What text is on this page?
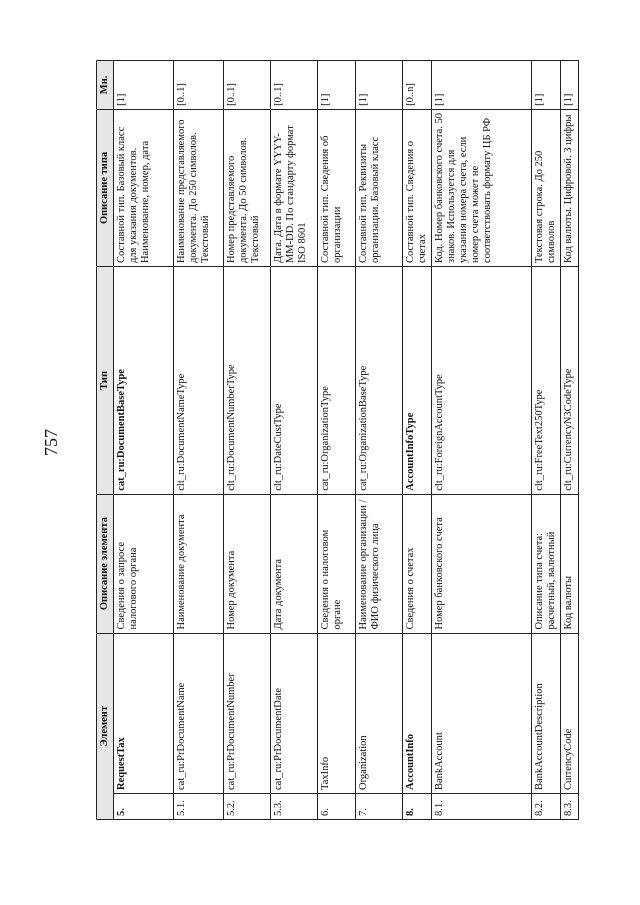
757
Элемент		Описание элемента	Тип	Описание типа	Мн.
5.	RequestTax	Сведения о запросе налогового органа	cat_ru:DocumentBaseType	Составной тип. Базовый класс для указания документов. Наименование, номер, дата	[1]
5.1.	cat_ru:PrDocumentName	Наименование документа	clt_ru:DocumentNameType	Наименование представляемого документа. До 250 символов. Текстовый	[0..1]
5.2.	cat_ru:PrDocumentNumber	Номер документа	clt_ru:DocumentNumberType	Номер представляемого документа. До 50 символов. Текстовый	[0..1]
5.3.	cat_ru:PrDocumentDate	Дата документа	clt_ru:DateCustType	Дата. Дата в формате YYYY-MM-DD. По стандарту формат ISO 8601	[0..1]
6.	TaxInfo	Сведения о налоговом органе	cat_ru:OrganizationType	Составной тип. Сведения об организации	[1]
7.	Organization	Наименование организации / ФИО физического лица	cat_ru:OrganizationBaseType	Составной тип. Реквизиты организации. Базовый класс	[1]
8.	AccountInfo	Сведения о счетах	AccountInfoType	Составной тип. Сведения о счетах	[0..n]
8.1.	BankAccount	Номер банковского счета	clt_ru:ForeignAccountType	Код. Номер банковского счета. 50 знаков. Используется для указания номера счета, если номер счета может не соответствовать формату ЦБ РФ	[1]
8.2.	BankAccountDescription	Описание типа счета: расчетный, валютный	clt_ru:FreeText250Type	Текстовая строка. До 250 символов	[1]
8.3.	CurrencyCode	Код валюты	clt_ru:CurrencyN3CodeType	Код валюты. Цифровой. 3 цифры	[1]
